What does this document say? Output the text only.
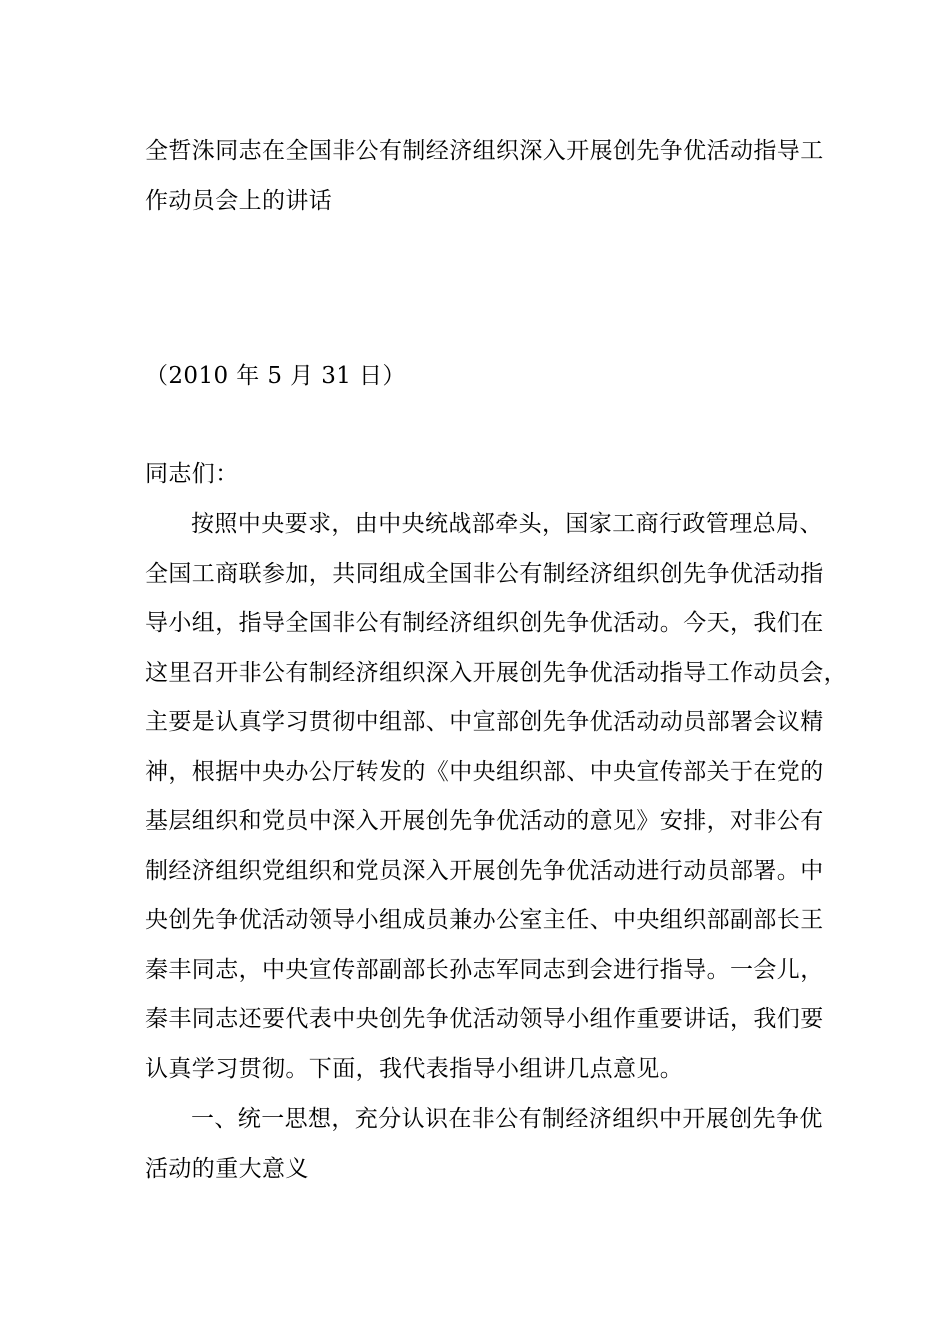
全哲洙同志在全国非公有制经济组织深入开展创先争优活动指导工
作动员会上的讲话
（2010 年 5 月 31 日）
同志们：
按照中央要求，由中央统战部牵头，国家工商行政管理总局、
全国工商联参加，共同组成全国非公有制经济组织创先争优活动指
导小组，指导全国非公有制经济组织创先争优活动。今天，我们在
这里召开非公有制经济组织深入开展创先争优活动指导工作动员会，
主要是认真学习贯彻中组部、中宣部创先争优活动动员部署会议精
神，根据中央办公厅转发的《中央组织部、中央宣传部关于在党的
基层组织和党员中深入开展创先争优活动的意见》安排，对非公有
制经济组织党组织和党员深入开展创先争优活动进行动员部署。中
央创先争优活动领导小组成员兼办公室主任、中央组织部副部长王
秦丰同志，中央宣传部副部长孙志军同志到会进行指导。一会儿，
秦丰同志还要代表中央创先争优活动领导小组作重要讲话，我们要
认真学习贯彻。下面，我代表指导小组讲几点意见。
一、统一思想，充分认识在非公有制经济组织中开展创先争优
活动的重大意义
